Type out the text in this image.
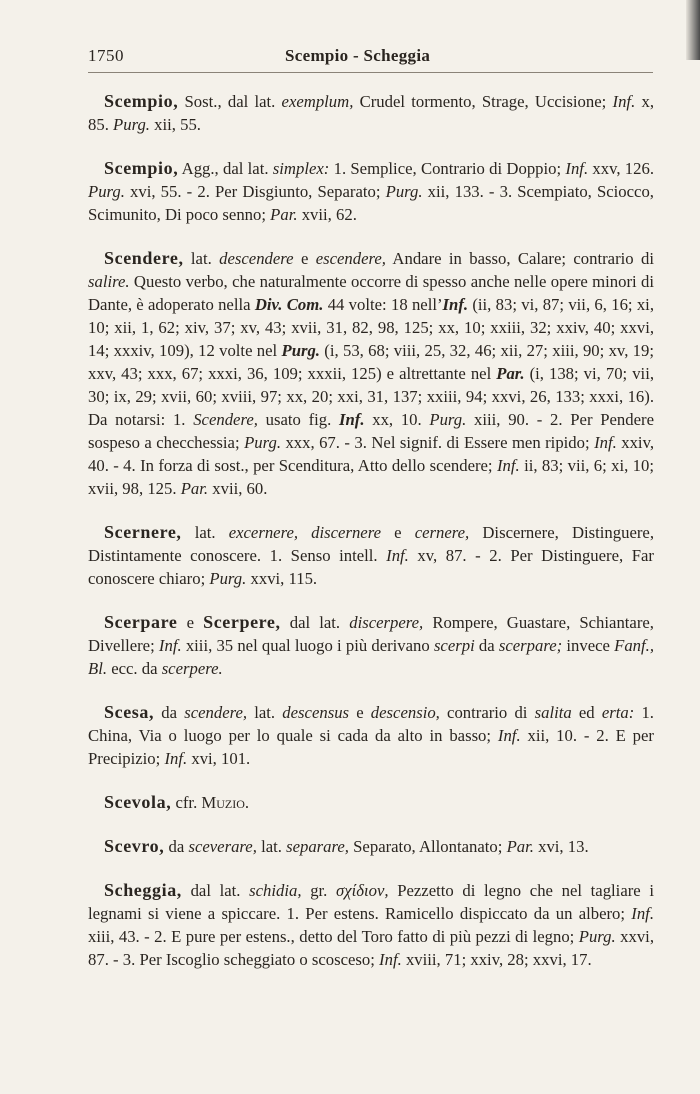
1750	Scempio - Scheggia

Scempio, Sost., dal lat. exemplum, Crudel tormento, Strage, Uccisione; Inf. x, 85. Purg. xii, 55.

Scempio, Agg., dal lat. simplex: 1. Semplice, Contrario di Doppio; Inf. xxv, 126. Purg. xvi, 55. - 2. Per Disgiunto, Separato; Purg. xii, 133. - 3. Scempiato, Sciocco, Scimunito, Di poco senno; Par. xvii, 62.

Scendere, lat. descendere e escendere, Andare in basso, Calare; contrario di salire. Questo verbo, che naturalmente occorre di spesso anche nelle opere minori di Dante, è adoperato nella Div. Com. 44 volte: 18 nell’Inf. (ii, 83; vi, 87; vii, 6, 16; xi, 10; xii, 1, 62; xiv, 37; xv, 43; xvii, 31, 82, 98, 125; xx, 10; xxiii, 32; xxiv, 40; xxvi, 14; xxxiv, 109), 12 volte nel Purg. (i, 53, 68; viii, 25, 32, 46; xii, 27; xiii, 90; xv, 19; xxv, 43; xxx, 67; xxxi, 36, 109; xxxii, 125) e altrettante nel Par. (i, 138; vi, 70; vii, 30; ix, 29; xvii, 60; xviii, 97; xx, 20; xxi, 31, 137; xxiii, 94; xxvi, 26, 133; xxxi, 16). Da notarsi: 1. Scendere, usato fig. Inf. xx, 10. Purg. xiii, 90. - 2. Per Pendere sospeso a checchessia; Purg. xxx, 67. - 3. Nel signif. di Essere men ripido; Inf. xxiv, 40. - 4. In forza di sost., per Scenditura, Atto dello scendere; Inf. ii, 83; vii, 6; xi, 10; xvii, 98, 125. Par. xvii, 60.

Scernere, lat. excernere, discernere e cernere, Discernere, Distinguere, Distintamente conoscere. 1. Senso intell. Inf. xv, 87. - 2. Per Distinguere, Far conoscere chiaro; Purg. xxvi, 115.

Scerpare e Scerpere, dal lat. discerpere, Rompere, Guastare, Schiantare, Divellere; Inf. xiii, 35 nel qual luogo i più derivano scerpi da scerpare; invece Fanf., Bl. ecc. da scerpere.

Scesa, da scendere, lat. descensus e descensio, contrario di salita ed erta: 1. China, Via o luogo per lo quale si cada da alto in basso; Inf. xii, 10. - 2. E per Precipizio; Inf. xvi, 101.

Scevola, cfr. Muzio.

Scevro, da sceverare, lat. separare, Separato, Allontanato; Par. xvi, 13.

Scheggia, dal lat. schidia, gr. σχίδιον, Pezzetto di legno che nel tagliare i legnami si viene a spiccare. 1. Per estens. Ramicello dispiccato da un albero; Inf. xiii, 43. - 2. E pure per estens., detto del Toro fatto di più pezzi di legno; Purg. xxvi, 87. - 3. Per Iscoglio scheggiato o scosceso; Inf. xviii, 71; xxiv, 28; xxvi, 17.
